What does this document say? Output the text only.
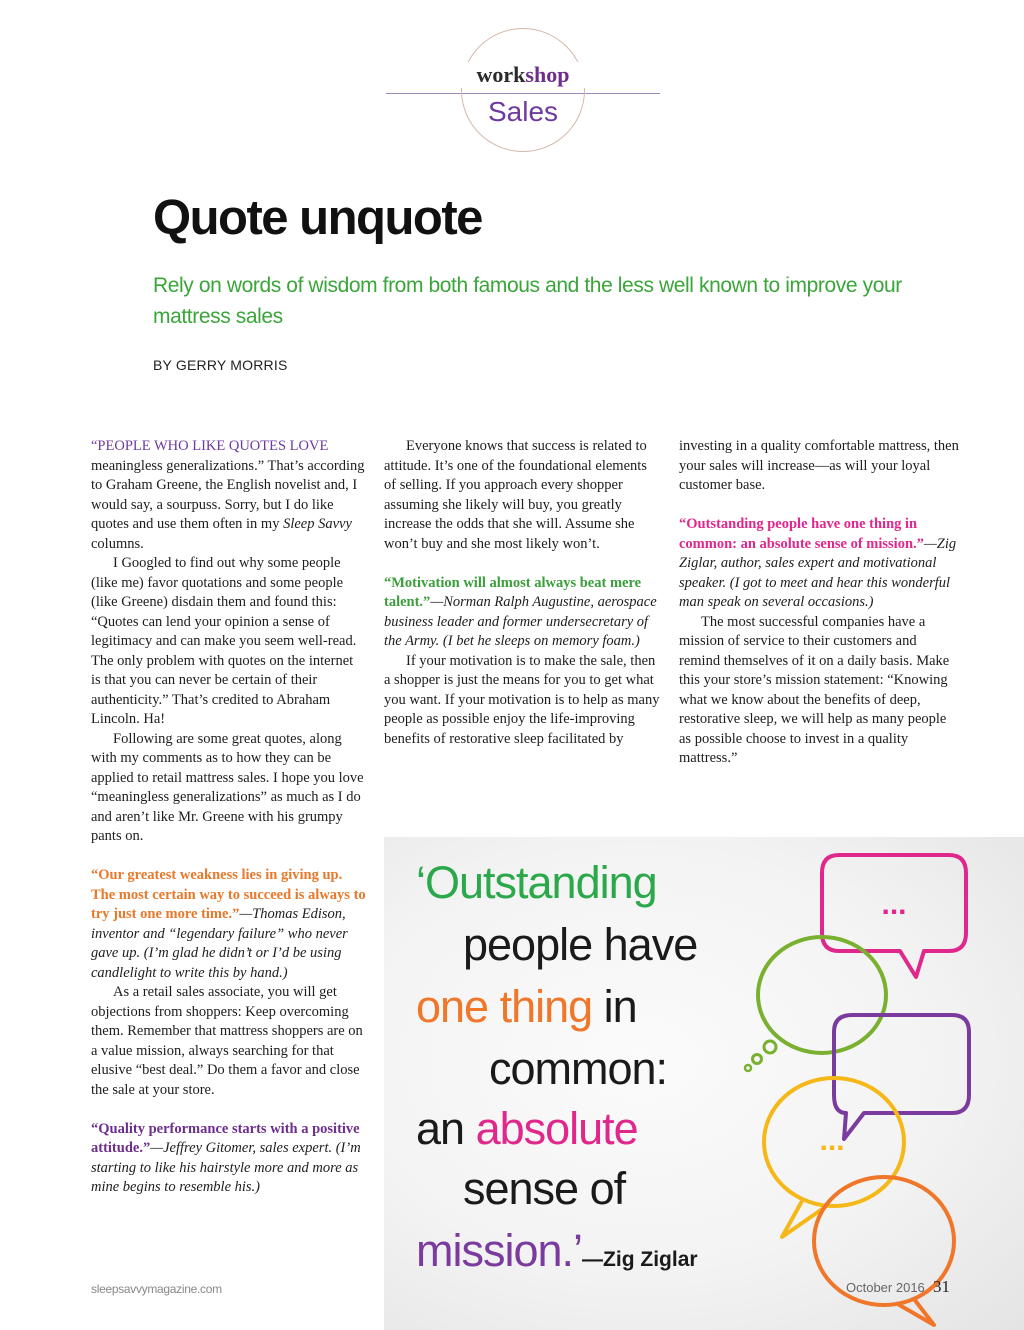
workshop
Sales
Quote unquote
Rely on words of wisdom from both famous and the less well known to improve your mattress sales
BY GERRY MORRIS

“PEOPLE WHO LIKE QUOTES LOVE meaningless generalizations.” That’s according to Graham Greene, the English novelist and, I would say, a sourpuss. Sorry, but I do like quotes and use them often in my Sleep Savvy columns.

I Googled to find out why some people (like me) favor quotations and some people (like Greene) disdain them and found this: “Quotes can lend your opinion a sense of legitimacy and can make you seem well-read. The only problem with quotes on the internet is that you can never be certain of their authenticity.” That’s credited to Abraham Lincoln. Ha!

Following are some great quotes, along with my comments as to how they can be applied to retail mattress sales. I hope you love “meaningless generalizations” as much as I do and aren’t like Mr. Greene with his grumpy pants on.

“Our greatest weakness lies in giving up. The most certain way to succeed is always to try just one more time.”—Thomas Edison, inventor and “legendary failure” who never gave up. (I’m glad he didn’t or I’d be using candlelight to write this by hand.)

As a retail sales associate, you will get objections from shoppers: Keep overcoming them. Remember that mattress shoppers are on a value mission, always searching for that elusive “best deal.” Do them a favor and close the sale at your store.

“Quality performance starts with a positive attitude.”—Jeffrey Gitomer, sales expert. (I’m starting to like his hairstyle more and more as mine begins to resemble his.)

Everyone knows that success is related to attitude. It’s one of the foundational elements of selling. If you approach every shopper assuming she likely will buy, you greatly increase the odds that she will. Assume she won’t buy and she most likely won’t.

“Motivation will almost always beat mere talent.”—Norman Ralph Augustine, aerospace business leader and former undersecretary of the Army. (I bet he sleeps on memory foam.)

If your motivation is to make the sale, then a shopper is just the means for you to get what you want. If your motivation is to help as many people as possible enjoy the life-improving benefits of restorative sleep facilitated by

investing in a quality comfortable mattress, then your sales will increase—as will your loyal customer base.

“Outstanding people have one thing in common: an absolute sense of mission.”—Zig Ziglar, author, sales expert and motivational speaker. (I got to meet and hear this wonderful man speak on several occasions.)

The most successful companies have a mission of service to their customers and remind themselves of it on a daily basis. Make this your store’s mission statement: “Knowing what we know about the benefits of deep, restorative sleep, we will help as many people as possible choose to invest in a quality mattress.”

...
...
‘Outstanding
people have
one thing in
common:
an absolute
sense of
mission.’—Zig Ziglar
sleepsavvymagazine.com	October 2016 31
